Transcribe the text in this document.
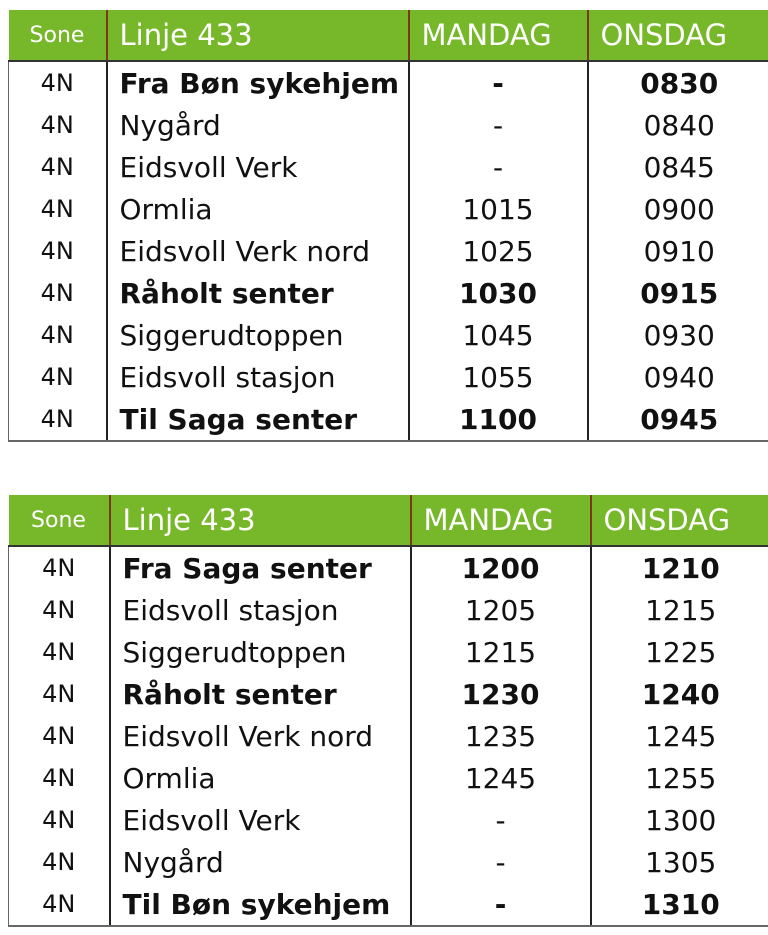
Sone	Linje 433	MANDAG	ONSDAG
4N	Fra Bøn sykehjem	-	0830
4N	Nygård	-	0840
4N	Eidsvoll Verk	-	0845
4N	Ormlia	1015	0900
4N	Eidsvoll Verk nord	1025	0910
4N	Råholt senter	1030	0915
4N	Siggerudtoppen	1045	0930
4N	Eidsvoll stasjon	1055	0940
4N	Til Saga senter	1100	0945
Sone	Linje 433	MANDAG	ONSDAG
4N	Fra Saga senter	1200	1210
4N	Eidsvoll stasjon	1205	1215
4N	Siggerudtoppen	1215	1225
4N	Råholt senter	1230	1240
4N	Eidsvoll Verk nord	1235	1245
4N	Ormlia	1245	1255
4N	Eidsvoll Verk	-	1300
4N	Nygård	-	1305
4N	Til Bøn sykehjem	-	1310
